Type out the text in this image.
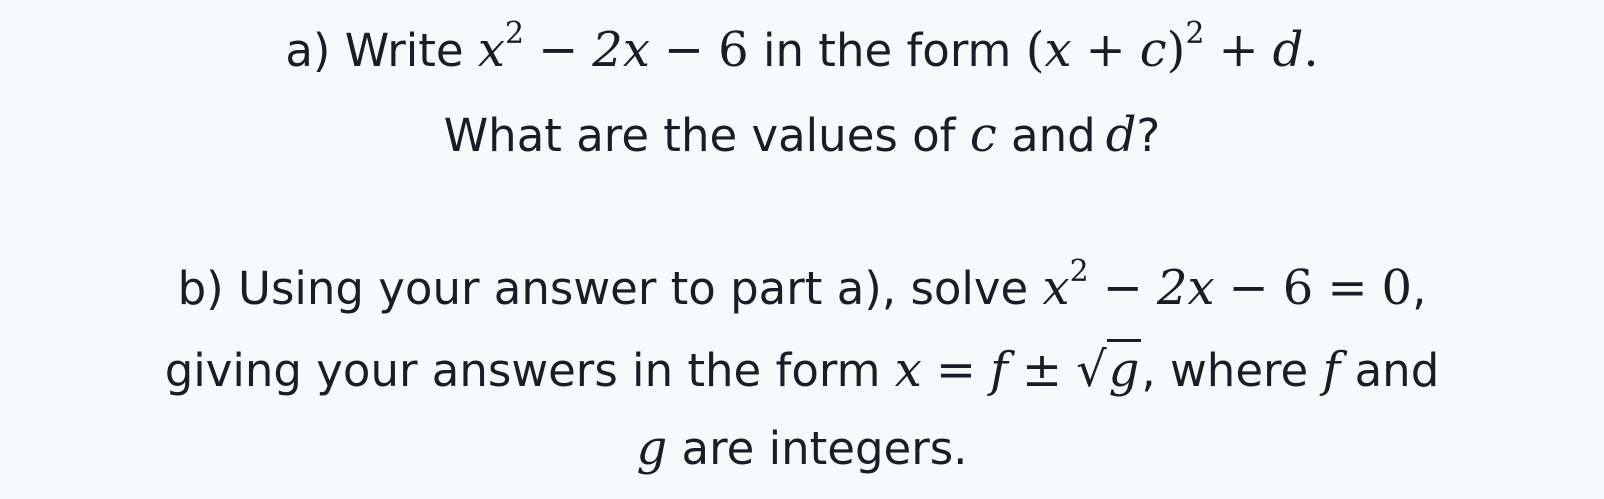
a) Write $x^2 - 2x - 6$ in the form $(x + c)^2 + d$.
What are the values of c and d?
b) Using your answer to part a), solve $x^2 - 2x - 6 = 0$,
giving your answers in the form x = f ± √g, where f and
g are integers.
